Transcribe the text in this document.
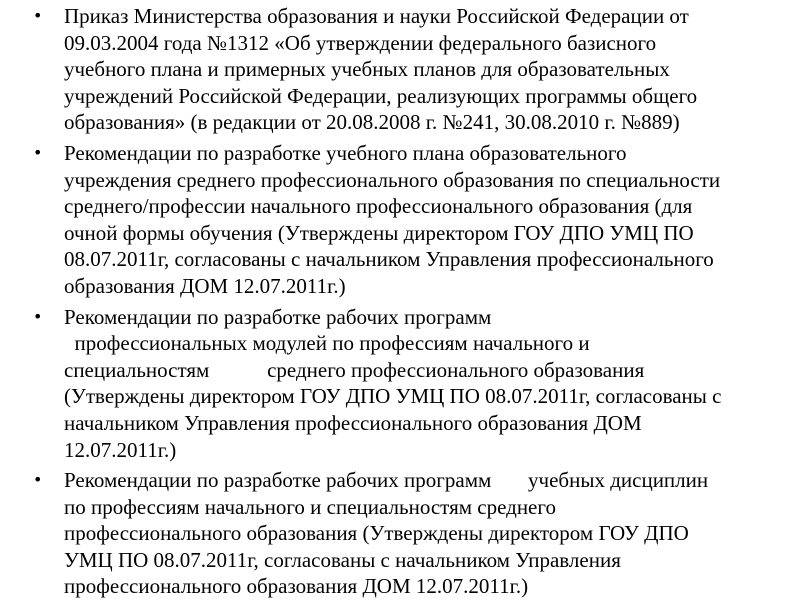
• Приказ Министерства образования и науки Российской Федерации от
09.03.2004 года №1312 «Об утверждении федерального базисного
учебного плана и примерных учебных планов для образовательных
учреждений Российской Федерации, реализующих программы общего
образования» (в редакции от 20.08.2008 г. №241, 30.08.2010 г. №889)
• Рекомендации по разработке учебного плана образовательного
учреждения среднего профессионального образования по специальности
среднего/профессии начального профессионального образования (для
очной формы обучения (Утверждены директором ГОУ ДПО УМЦ ПО
08.07.2011г, согласованы с начальником Управления профессионального
образования ДОМ 12.07.2011г.)
• Рекомендации по разработке рабочих программ
профессиональных модулей по профессиям начального и
специальностям           среднего профессионального образования
(Утверждены директором ГОУ ДПО УМЦ ПО 08.07.2011г, согласованы с
начальником Управления профессионального образования ДОМ
12.07.2011г.)
• Рекомендации по разработке рабочих программ       учебных дисциплин
по профессиям начального и специальностям среднего
профессионального образования (Утверждены директором ГОУ ДПО
УМЦ ПО 08.07.2011г, согласованы с начальником Управления
профессионального образования ДОМ 12.07.2011г.)
